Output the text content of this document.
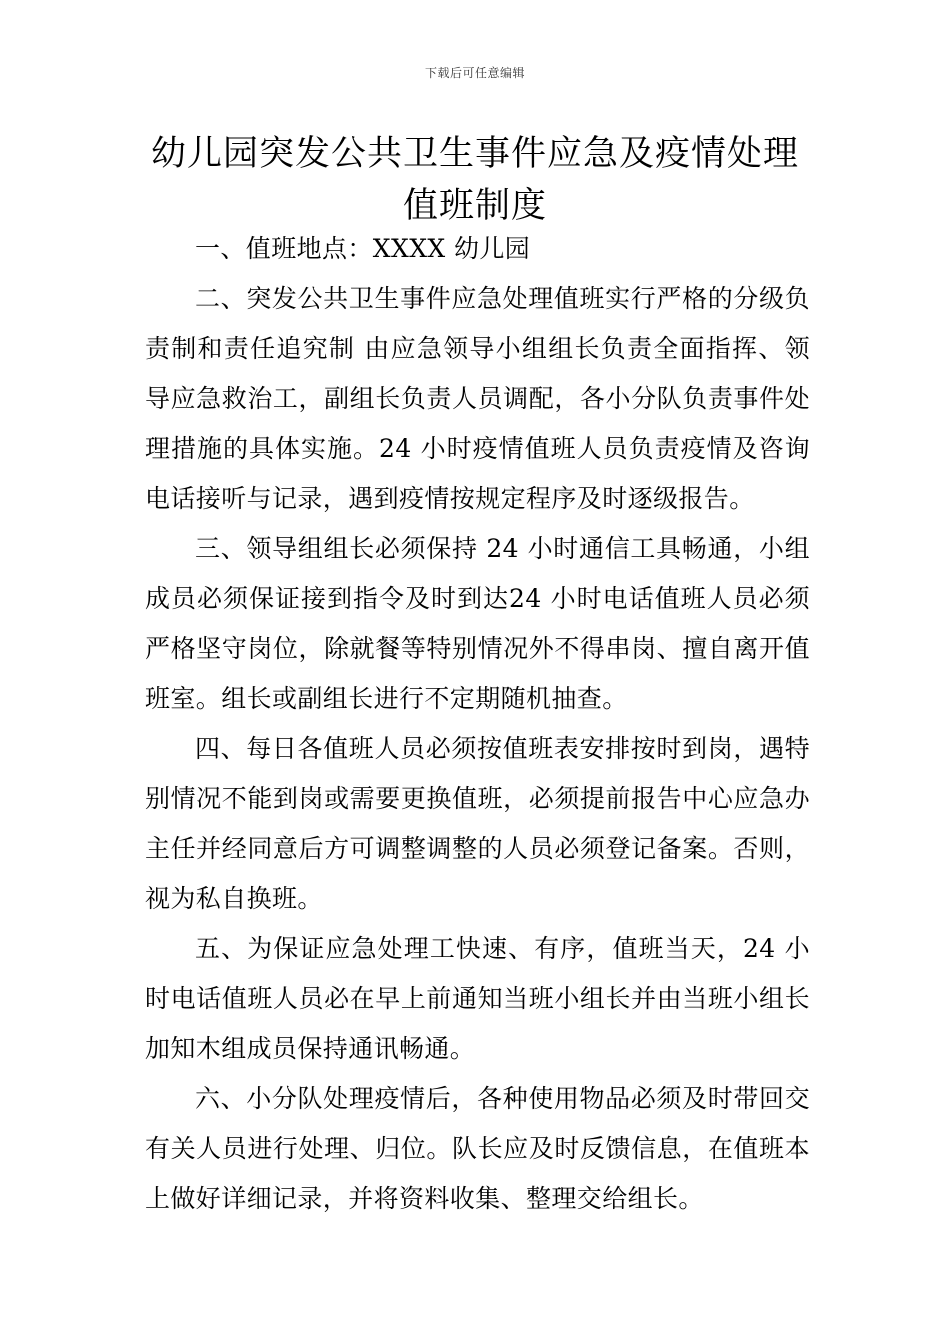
下载后可任意编辑
幼儿园突发公共卫生事件应急及疫情处理
值班制度

一、值班地点：XXXX 幼儿园

二、突发公共卫生事件应急处理值班实行严格的分级负责制和责任追究制 由应急领导小组组长负责全面指挥、领导应急救治工，副组长负责人员调配，各小分队负责事件处理措施的具体实施。24 小时疫情值班人员负责疫情及咨询电话接听与记录，遇到疫情按规定程序及时逐级报告。

三、领导组组长必须保持 24 小时通信工具畅通，小组成员必须保证接到指令及时到达24 小时电话值班人员必须严格坚守岗位，除就餐等特别情况外不得串岗、擅自离开值班室。组长或副组长进行不定期随机抽查。

四、每日各值班人员必须按值班表安排按时到岗，遇特别情况不能到岗或需要更换值班，必须提前报告中心应急办主任并经同意后方可调整调整的人员必须登记备案。否则，视为私自换班。

五、为保证应急处理工快速、有序，值班当天，24 小时电话值班人员必在早上前通知当班小组长并由当班小组长加知木组成员保持通讯畅通。

六、小分队处理疫情后，各种使用物品必须及时带回交有关人员进行处理、归位。队长应及时反馈信息，在值班本上做好详细记录，并将资料收集、整理交给组长。
